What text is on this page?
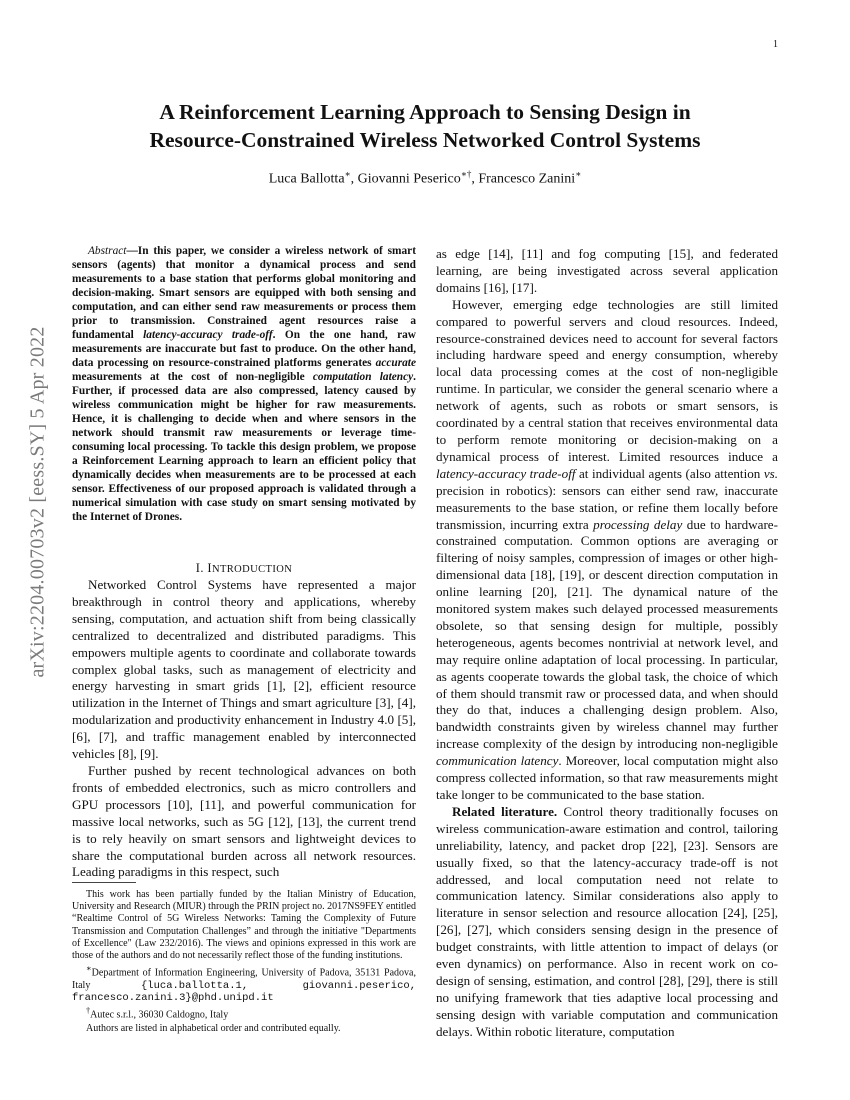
1
arXiv:2204.00703v2 [eess.SY] 5 Apr 2022
A Reinforcement Learning Approach to Sensing Design in
Resource-Constrained Wireless Networked Control Systems
Luca Ballotta∗, Giovanni Peserico∗†, Francesco Zanini∗
Abstract—In this paper, we consider a wireless network of smart sensors (agents) that monitor a dynamical process and send measurements to a base station that performs global monitoring and decision-making. Smart sensors are equipped with both sensing and computation, and can either send raw measurements or process them prior to transmission. Constrained agent resources raise a fundamental latency-accuracy trade-off. On the one hand, raw measurements are inaccurate but fast to produce. On the other hand, data processing on resource-constrained platforms generates accurate measurements at the cost of non-negligible computation latency. Further, if processed data are also compressed, latency caused by wireless communication might be higher for raw measurements. Hence, it is challenging to decide when and where sensors in the network should transmit raw measurements or leverage time-consuming local processing. To tackle this design problem, we propose a Reinforcement Learning approach to learn an efficient policy that dynamically decides when measurements are to be processed at each sensor. Effectiveness of our proposed approach is validated through a numerical simulation with case study on smart sensing motivated by the Internet of Drones.
I. INTRODUCTION

Networked Control Systems have represented a major breakthrough in control theory and applications, whereby sensing, computation, and actuation shift from being classically centralized to decentralized and distributed paradigms. This empowers multiple agents to coordinate and collaborate towards complex global tasks, such as management of electricity and energy harvesting in smart grids [1], [2], efficient resource utilization in the Internet of Things and smart agriculture [3], [4], modularization and productivity enhancement in Industry 4.0 [5], [6], [7], and traffic management enabled by interconnected vehicles [8], [9].

Further pushed by recent technological advances on both fronts of embedded electronics, such as micro controllers and GPU processors [10], [11], and powerful communication for massive local networks, such as 5G [12], [13], the current trend is to rely heavily on smart sensors and lightweight devices to share the computational burden across all network resources. Leading paradigms in this respect, such

This work has been partially funded by the Italian Ministry of Education, University and Research (MIUR) through the PRIN project no. 2017NS9FEY entitled “Realtime Control of 5G Wireless Networks: Taming the Complexity of Future Transmission and Computation Challenges” and through the initiative "Departments of Excellence" (Law 232/2016). The views and opinions expressed in this work are those of the authors and do not necessarily reflect those of the funding institutions.

∗Department of Information Engineering, University of Padova, 35131 Padova, Italy {luca.ballotta.1, giovanni.peserico, francesco.zanini.3}@phd.unipd.it

†Autec s.r.l., 36030 Caldogno, Italy

Authors are listed in alphabetical order and contributed equally.

as edge [14], [11] and fog computing [15], and federated learning, are being investigated across several application domains [16], [17].

However, emerging edge technologies are still limited compared to powerful servers and cloud resources. Indeed, resource-constrained devices need to account for several factors including hardware speed and energy consumption, whereby local data processing comes at the cost of non-negligible runtime. In particular, we consider the general scenario where a network of agents, such as robots or smart sensors, is coordinated by a central station that receives environmental data to perform remote monitoring or decision-making on a dynamical process of interest. Limited resources induce a latency-accuracy trade-off at individual agents (also attention vs. precision in robotics): sensors can either send raw, inaccurate measurements to the base station, or refine them locally before transmission, incurring extra processing delay due to hardware-constrained computation. Common options are averaging or filtering of noisy samples, compression of images or other high-dimensional data [18], [19], or descent direction computation in online learning [20], [21]. The dynamical nature of the monitored system makes such delayed processed measurements obsolete, so that sensing design for multiple, possibly heterogeneous, agents becomes nontrivial at network level, and may require online adaptation of local processing. In particular, as agents cooperate towards the global task, the choice of which of them should transmit raw or processed data, and when should they do that, induces a challenging design problem. Also, bandwidth constraints given by wireless channel may further increase complexity of the design by introducing non-negligible communication latency. Moreover, local computation might also compress collected information, so that raw measurements might take longer to be communicated to the base station.

Related literature. Control theory traditionally focuses on wireless communication-aware estimation and control, tailoring unreliability, latency, and packet drop [22], [23]. Sensors are usually fixed, so that the latency-accuracy trade-off is not addressed, and local computation need not relate to communication latency. Similar considerations also apply to literature in sensor selection and resource allocation [24], [25], [26], [27], which considers sensing design in the presence of budget constraints, with little attention to impact of delays (or even dynamics) on performance. Also in recent work on co-design of sensing, estimation, and control [28], [29], there is still no unifying framework that ties adaptive local processing and sensing design with variable computation and communication delays. Within robotic literature, computation
